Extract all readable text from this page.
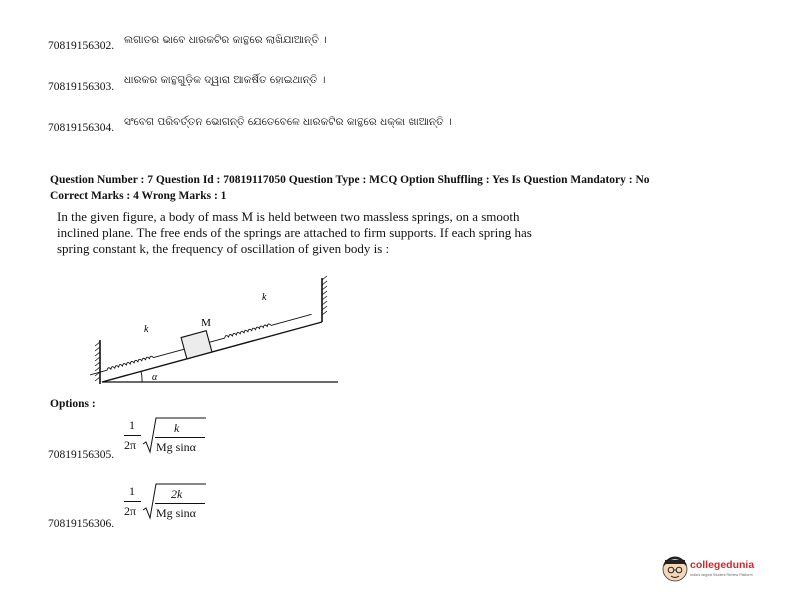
70819156302. ଲଗାତର ଭାବେ ଧାରକଟିର କାନ୍ଥରେ ଲାଖିଯାଆନ୍ତି ।
70819156303.
ଧାରକର କାନ୍ଥଗୁଡ଼ିକ ଦ୍ୱାରା ଆକର୍ଷିତ ହୋଇଥାନ୍ତି ।
70819156304. ସଂବେଗ ପରିବର୍ତ୍ତନ ଭୋଗନ୍ତି ଯେତେବେଳେ ଧାରକଟିର କାନ୍ଥରେ ଧକ୍କା ଖାଆନ୍ତି ।
Question Number : 7 Question Id : 70819117050 Question Type : MCQ Option Shuffling : Yes Is Question Mandatory : No
Correct Marks : 4 Wrong Marks : 1
In the given figure, a body of mass M is held between two massless springs, on a smooth
inclined plane. The free ends of the springs are attached to firm supports. If each spring has
spring constant k, the frequency of oscillation of given body is :
M
k
k
α
Options :
70819156305.
1
2π
k
Mg sinα
70819156306.
1
2π
2k
Mg sinα
collegedunia
India's largest Student Review Platform
